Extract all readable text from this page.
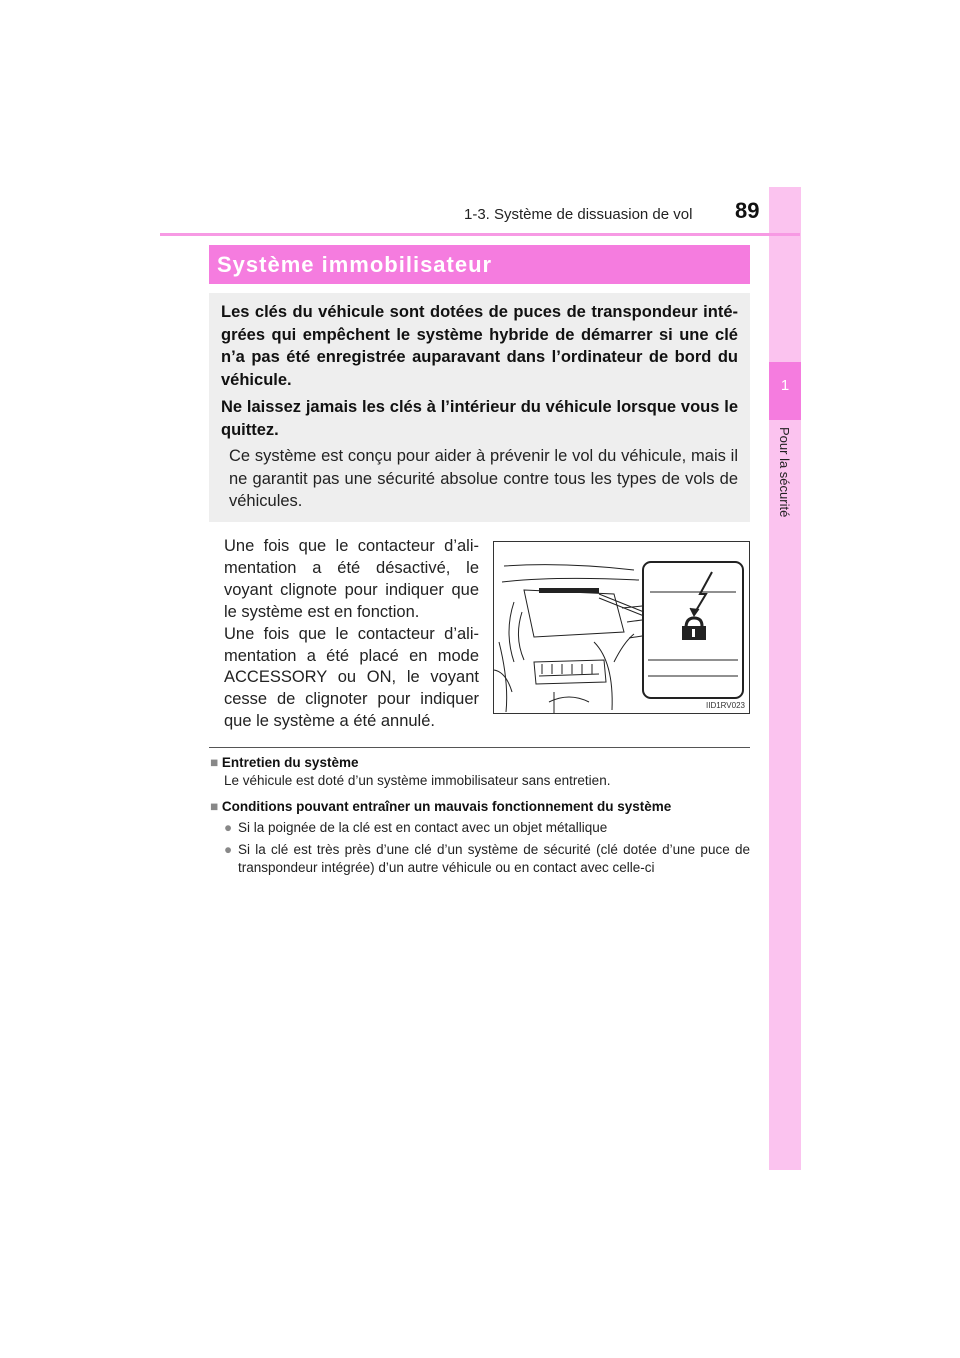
1
Pour la sécurité
1-3. Système de dissuasion de vol 89
Système immobilisateur

Les clés du véhicule sont dotées de puces de transpondeur inté-grées qui empêchent le système hybride de démarrer si une clé n’a pas été enregistrée auparavant dans l’ordinateur de bord du véhicule.

Ne laissez jamais les clés à l’intérieur du véhicule lorsque vous le quittez.

Ce système est conçu pour aider à prévenir le vol du véhicule, mais il ne garantit pas une sécurité absolue contre tous les types de vols de véhicules.

Une fois que le contacteur d’ali-mentation a été désactivé, le voyant clignote pour indiquer que le système est en fonction.

Une fois que le contacteur d’ali-mentation a été placé en mode ACCESSORY ou ON, le voyant cesse de clignoter pour indiquer que le système a été annulé.

IID1RV023
■ Entretien du système
Le véhicule est doté d’un système immobilisateur sans entretien.
■ Conditions pouvant entraîner un mauvais fonctionnement du système
● Si la poignée de la clé est en contact avec un objet métallique
● Si la clé est très près d’une clé d’un système de sécurité (clé dotée d’une puce de transpondeur intégrée) d’un autre véhicule ou en contact avec celle-ci
